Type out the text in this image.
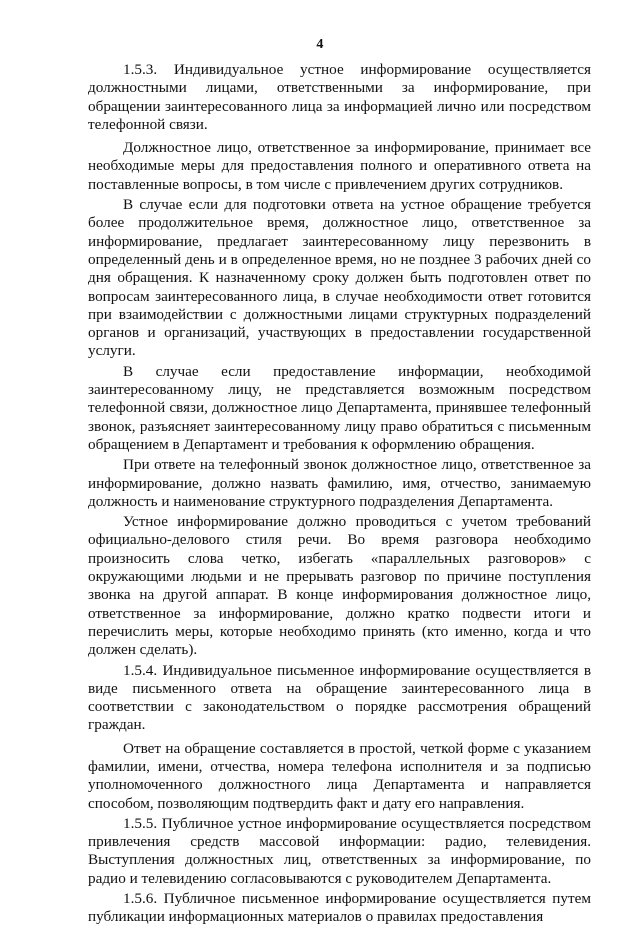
4

1.5.3. Индивидуальное устное информирование осуществляется должностными лицами, ответственными за информирование, при обращении заинтересованного лица за информацией лично или посредством телефонной связи.

Должностное лицо, ответственное за информирование, принимает все необходимые меры для предоставления полного и оперативного ответа на поставленные вопросы, в том числе с привлечением других сотрудников.

В случае если для подготовки ответа на устное обращение требуется более продолжительное время, должностное лицо, ответственное за информирование, предлагает заинтересованному лицу перезвонить в определенный день и в определенное время, но не позднее 3 рабочих дней со дня обращения. К назначенному сроку должен быть подготовлен ответ по вопросам заинтересованного лица, в случае необходимости ответ готовится при взаимодействии с должностными лицами структурных подразделений органов и организаций, участвующих в предоставлении государственной услуги.

В случае если предоставление информации, необходимой заинтересованному лицу, не представляется возможным посредством телефонной связи, должностное лицо Департамента, принявшее телефонный звонок, разъясняет заинтересованному лицу право обратиться с письменным обращением в Департамент и требования к оформлению обращения.

При ответе на телефонный звонок должностное лицо, ответственное за информирование, должно назвать фамилию, имя, отчество, занимаемую должность и наименование структурного подразделения Департамента.

Устное информирование должно проводиться с учетом требований официально-делового стиля речи. Во время разговора необходимо произносить слова четко, избегать «параллельных разговоров» с окружающими людьми и не прерывать разговор по причине поступления звонка на другой аппарат. В конце информирования должностное лицо, ответственное за информирование, должно кратко подвести итоги и перечислить меры, которые необходимо принять (кто именно, когда и что должен сделать).

1.5.4. Индивидуальное письменное информирование осуществляется в виде письменного ответа на обращение заинтересованного лица в соответствии с законодательством о порядке рассмотрения обращений граждан.

Ответ на обращение составляется в простой, четкой форме с указанием фамилии, имени, отчества, номера телефона исполнителя и за подписью уполномоченного должностного лица Департамента и направляется способом, позволяющим подтвердить факт и дату его направления.

1.5.5. Публичное устное информирование осуществляется посредством привлечения средств массовой информации: радио, телевидения. Выступления должностных лиц, ответственных за информирование, по радио и телевидению согласовываются с руководителем Департамента.

1.5.6. Публичное письменное информирование осуществляется путем публикации информационных материалов о правилах предоставления
